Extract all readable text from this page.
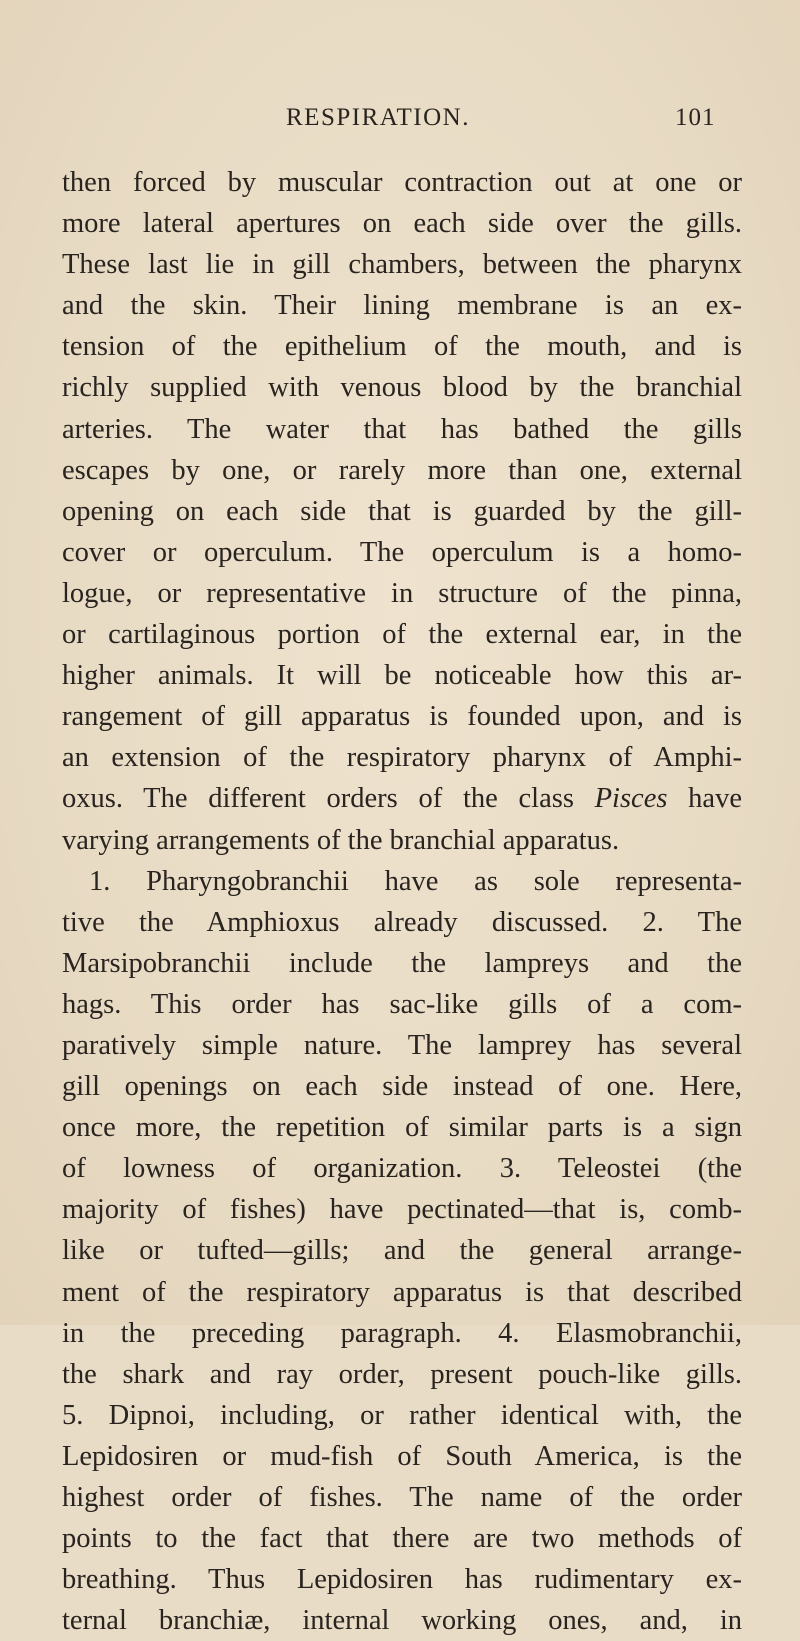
RESPIRATION.	101
then forced by muscular contraction out at one or
more lateral apertures on each side over the gills.
These last lie in gill chambers, between the pharynx
and the skin. Their lining membrane is an ex-
tension of the epithelium of the mouth, and is
richly supplied with venous blood by the branchial
arteries. The water that has bathed the gills
escapes by one, or rarely more than one, external
opening on each side that is guarded by the gill-
cover or operculum. The operculum is a homo-
logue, or representative in structure of the pinna,
or cartilaginous portion of the external ear, in the
higher animals. It will be noticeable how this ar-
rangement of gill apparatus is founded upon, and is
an extension of the respiratory pharynx of Amphi-
oxus. The different orders of the class Pisces have
varying arrangements of the branchial apparatus.
1. Pharyngobranchii have as sole representa-
tive the Amphioxus already discussed. 2. The
Marsipobranchii include the lampreys and the
hags. This order has sac-like gills of a com-
paratively simple nature. The lamprey has several
gill openings on each side instead of one. Here,
once more, the repetition of similar parts is a sign
of lowness of organization. 3. Teleostei (the
majority of fishes) have pectinated—that is, comb-
like or tufted—gills; and the general arrange-
ment of the respiratory apparatus is that described
in the preceding paragraph. 4. Elasmobranchii,
the shark and ray order, present pouch-like gills.
5. Dipnoi, including, or rather identical with, the
Lepidosiren or mud-fish of South America, is the
highest order of fishes. The name of the order
points to the fact that there are two methods of
breathing. Thus Lepidosiren has rudimentary ex-
ternal branchiæ, internal working ones, and, in
